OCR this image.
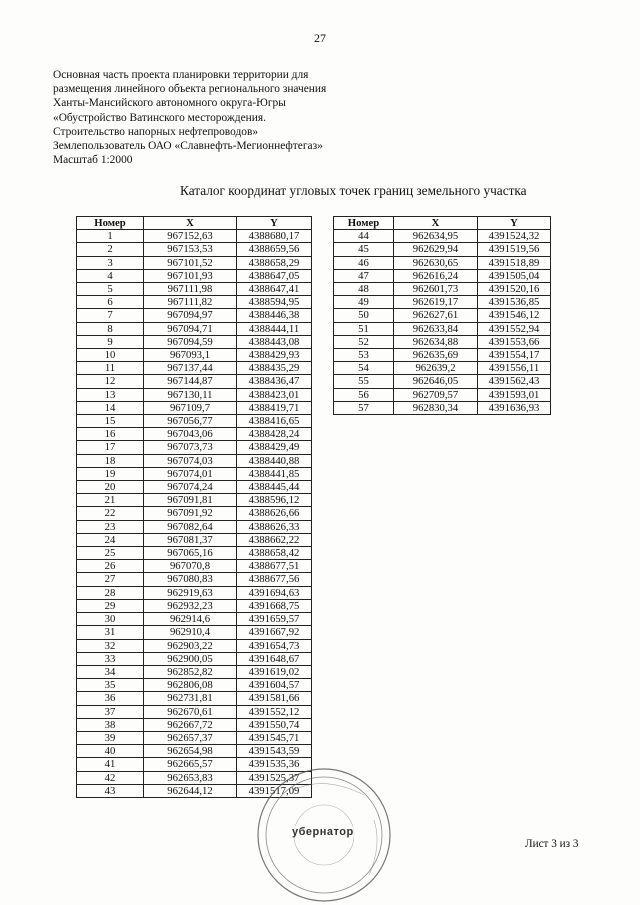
27
Основная часть проекта планировки территории для
размещения линейного объекта регионального значения
Ханты-Мансийского автономного округа-Югры
«Обустройство Ватинского месторождения.
Строительство напорных нефтепроводов»
Землепользователь ОАО «Славнефть-Мегионнефтегаз»
Масштаб 1:2000
Каталог координат угловых точек границ земельного участка
Номер	X	Y
1	967152,63	4388680,17
2	967153,53	4388659,56
3	967101,52	4388658,29
4	967101,93	4388647,05
5	967111,98	4388647,41
6	967111,82	4388594,95
7	967094,97	4388446,38
8	967094,71	4388444,11
9	967094,59	4388443,08
10	967093,1	4388429,93
11	967137,44	4388435,29
12	967144,87	4388436,47
13	967130,11	4388423,01
14	967109,7	4388419,71
15	967056,77	4388416,65
16	967043,06	4388428,24
17	967073,73	4388429,49
18	967074,03	4388440,88
19	967074,01	4388441,85
20	967074,24	4388445,44
21	967091,81	4388596,12
22	967091,92	4388626,66
23	967082,64	4388626,33
24	967081,37	4388662,22
25	967065,16	4388658,42
26	967070,8	4388677,51
27	967080,83	4388677,56
28	962919,63	4391694,63
29	962932,23	4391668,75
30	962914,6	4391659,57
31	962910,4	4391667,92
32	962903,22	4391654,73
33	962900,05	4391648,67
34	962852,82	4391619,02
35	962806,08	4391604,57
36	962731,81	4391581,66
37	962670,61	4391552,12
38	962667,72	4391550,74
39	962657,37	4391545,71
40	962654,98	4391543,59
41	962665,57	4391535,36
42	962653,83	4391525,37
43	962644,12	4391517,09
Номер	X	Y
44	962634,95	4391524,32
45	962629,94	4391519,56
46	962630,65	4391518,89
47	962616,24	4391505,04
48	962601,73	4391520,16
49	962619,17	4391536,85
50	962627,61	4391546,12
51	962633,84	4391552,94
52	962634,88	4391553,66
53	962635,69	4391554,17
54	962639,2	4391556,11
55	962646,05	4391562,43
56	962709,57	4391593,01
57	962830,34	4391636,93
Лист 3 из 3
убернатор
